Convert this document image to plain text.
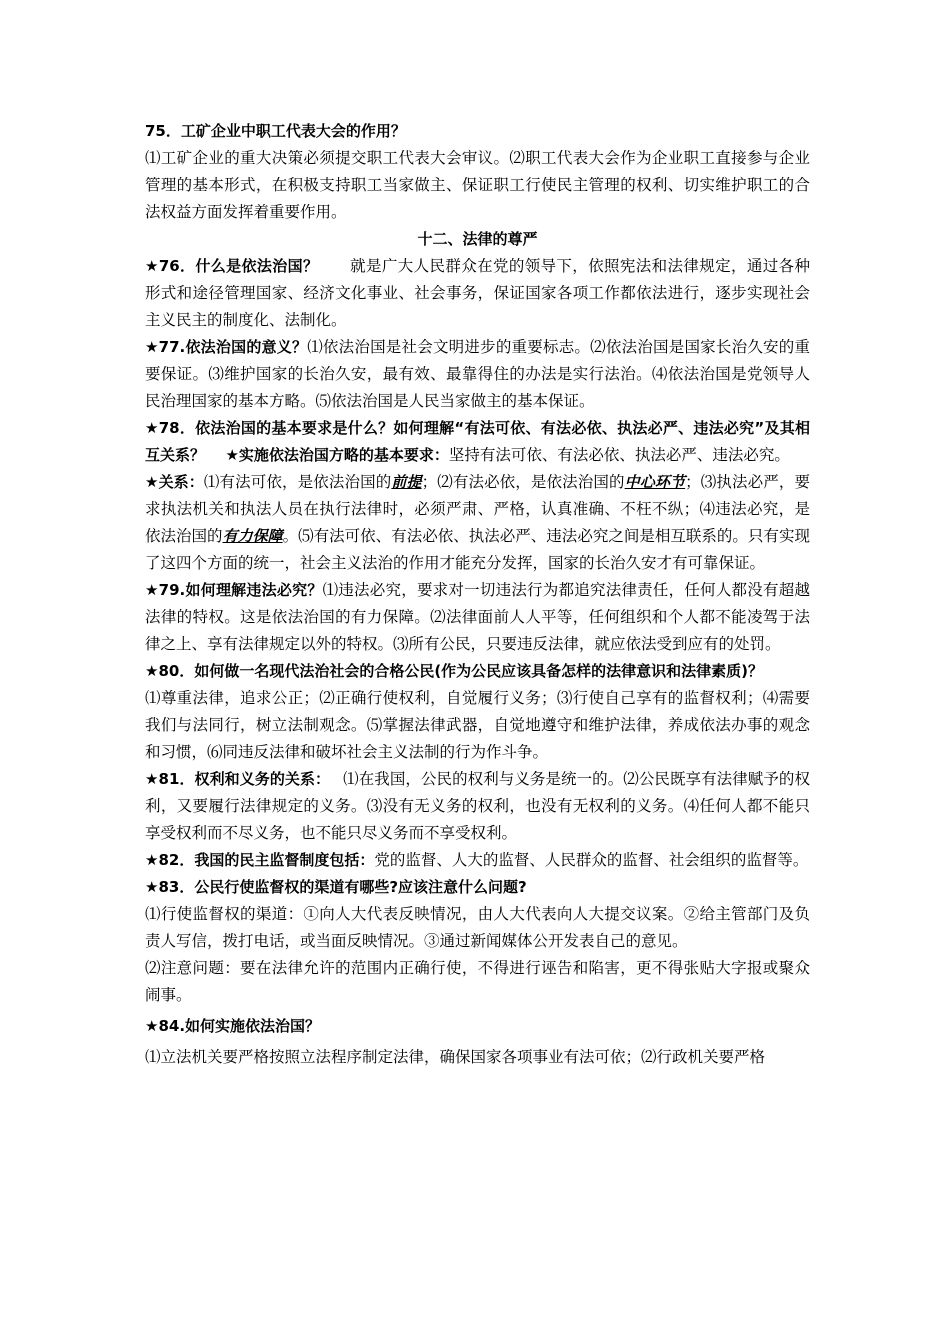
75．工矿企业中职工代表大会的作用？

⑴工矿企业的重大决策必须提交职工代表大会审议。⑵职工代表大会作为企业职工直接参与企业管理的基本形式，在积极支持职工当家做主、保证职工行使民主管理的权利、切实维护职工的合法权益方面发挥着重要作用。

十二、法律的尊严

★76．什么是依法治国？　　就是广大人民群众在党的领导下，依照宪法和法律规定，通过各种形式和途径管理国家、经济文化事业、社会事务，保证国家各项工作都依法进行，逐步实现社会主义民主的制度化、法制化。

★77.依法治国的意义？⑴依法治国是社会文明进步的重要标志。⑵依法治国是国家长治久安的重要保证。⑶维护国家的长治久安，最有效、最靠得住的办法是实行法治。⑷依法治国是党领导人民治理国家的基本方略。⑸依法治国是人民当家做主的基本保证。

★78．依法治国的基本要求是什么？如何理解“有法可依、有法必依、执法必严、违法必究”及其相互关系？　 ★实施依法治国方略的基本要求：坚持有法可依、有法必依、执法必严、违法必究。

★关系：⑴有法可依，是依法治国的前提；⑵有法必依，是依法治国的中心环节；⑶执法必严，要求执法机关和执法人员在执行法律时，必须严肃、严格，认真准确、不枉不纵；⑷违法必究，是依法治国的有力保障。⑸有法可依、有法必依、执法必严、违法必究之间是相互联系的。只有实现了这四个方面的统一，社会主义法治的作用才能充分发挥，国家的长治久安才有可靠保证。

★79.如何理解违法必究？⑴违法必究，要求对一切违法行为都追究法律责任，任何人都没有超越法律的特权。这是依法治国的有力保障。⑵法律面前人人平等，任何组织和个人都不能凌驾于法律之上、享有法律规定以外的特权。⑶所有公民，只要违反法律，就应依法受到应有的处罚。

★80．如何做一名现代法治社会的合格公民(作为公民应该具备怎样的法律意识和法律素质)？

⑴尊重法律，追求公正；⑵正确行使权利，自觉履行义务；⑶行使自己享有的监督权利；⑷需要我们与法同行，树立法制观念。⑸掌握法律武器，自觉地遵守和维护法律，养成依法办事的观念和习惯，⑹同违反法律和破坏社会主义法制的行为作斗争。

★81．权利和义务的关系：　 ⑴在我国，公民的权利与义务是统一的。⑵公民既享有法律赋予的权利，又要履行法律规定的义务。⑶没有无义务的权利，也没有无权利的义务。⑷任何人都不能只享受权利而不尽义务，也不能只尽义务而不享受权利。

★82．我国的民主监督制度包括：党的监督、人大的监督、人民群众的监督、社会组织的监督等。

★83．公民行使监督权的渠道有哪些?应该注意什么问题?

⑴行使监督权的渠道：①向人大代表反映情况，由人大代表向人大提交议案。②给主管部门及负责人写信，拨打电话，或当面反映情况。③通过新闻媒体公开发表自己的意见。

⑵注意问题：要在法律允许的范围内正确行使，不得进行诬告和陷害，更不得张贴大字报或聚众闹事。

★84.如何实施依法治国？

⑴立法机关要严格按照立法程序制定法律，确保国家各项事业有法可依；⑵行政机关要严格
